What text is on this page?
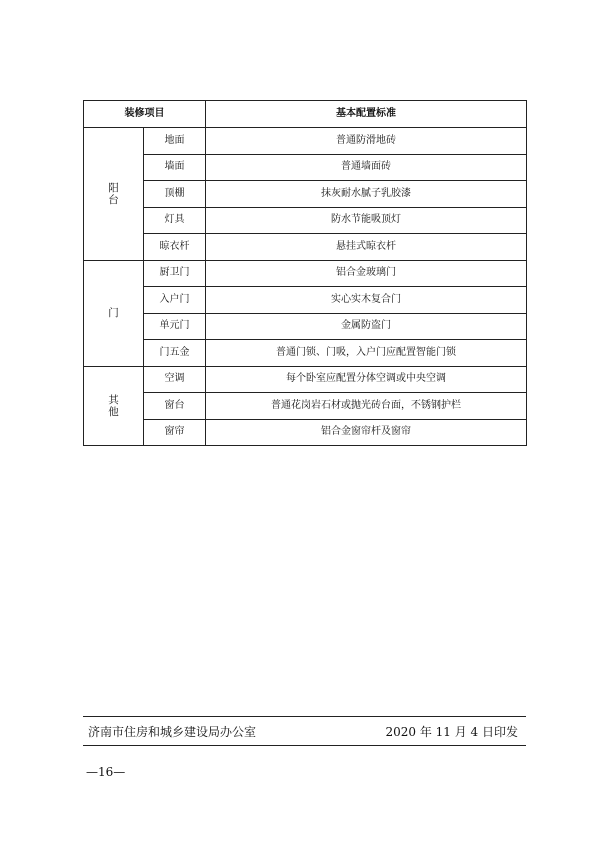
装修项目		基本配置标准

阳
台	地面	普通防滑地砖
	墙面	普通墙面砖
	顶棚	抹灰耐水腻子乳胶漆
	灯具	防水节能吸顶灯
	晾衣杆	悬挂式晾衣杆

门	厨卫门	铝合金玻璃门
	入户门	实心实木复合门
	单元门	金属防盗门
	门五金	普通门锁、门吸，入户门应配置智能门锁

其
他	空调	每个卧室应配置分体空调或中央空调
	窗台	普通花岗岩石材或抛光砖台面，不锈钢护栏
	窗帘	铝合金窗帘杆及窗帘
济南市住房和城乡建设局办公室	2020 年 11 月 4 日印发
—16—
